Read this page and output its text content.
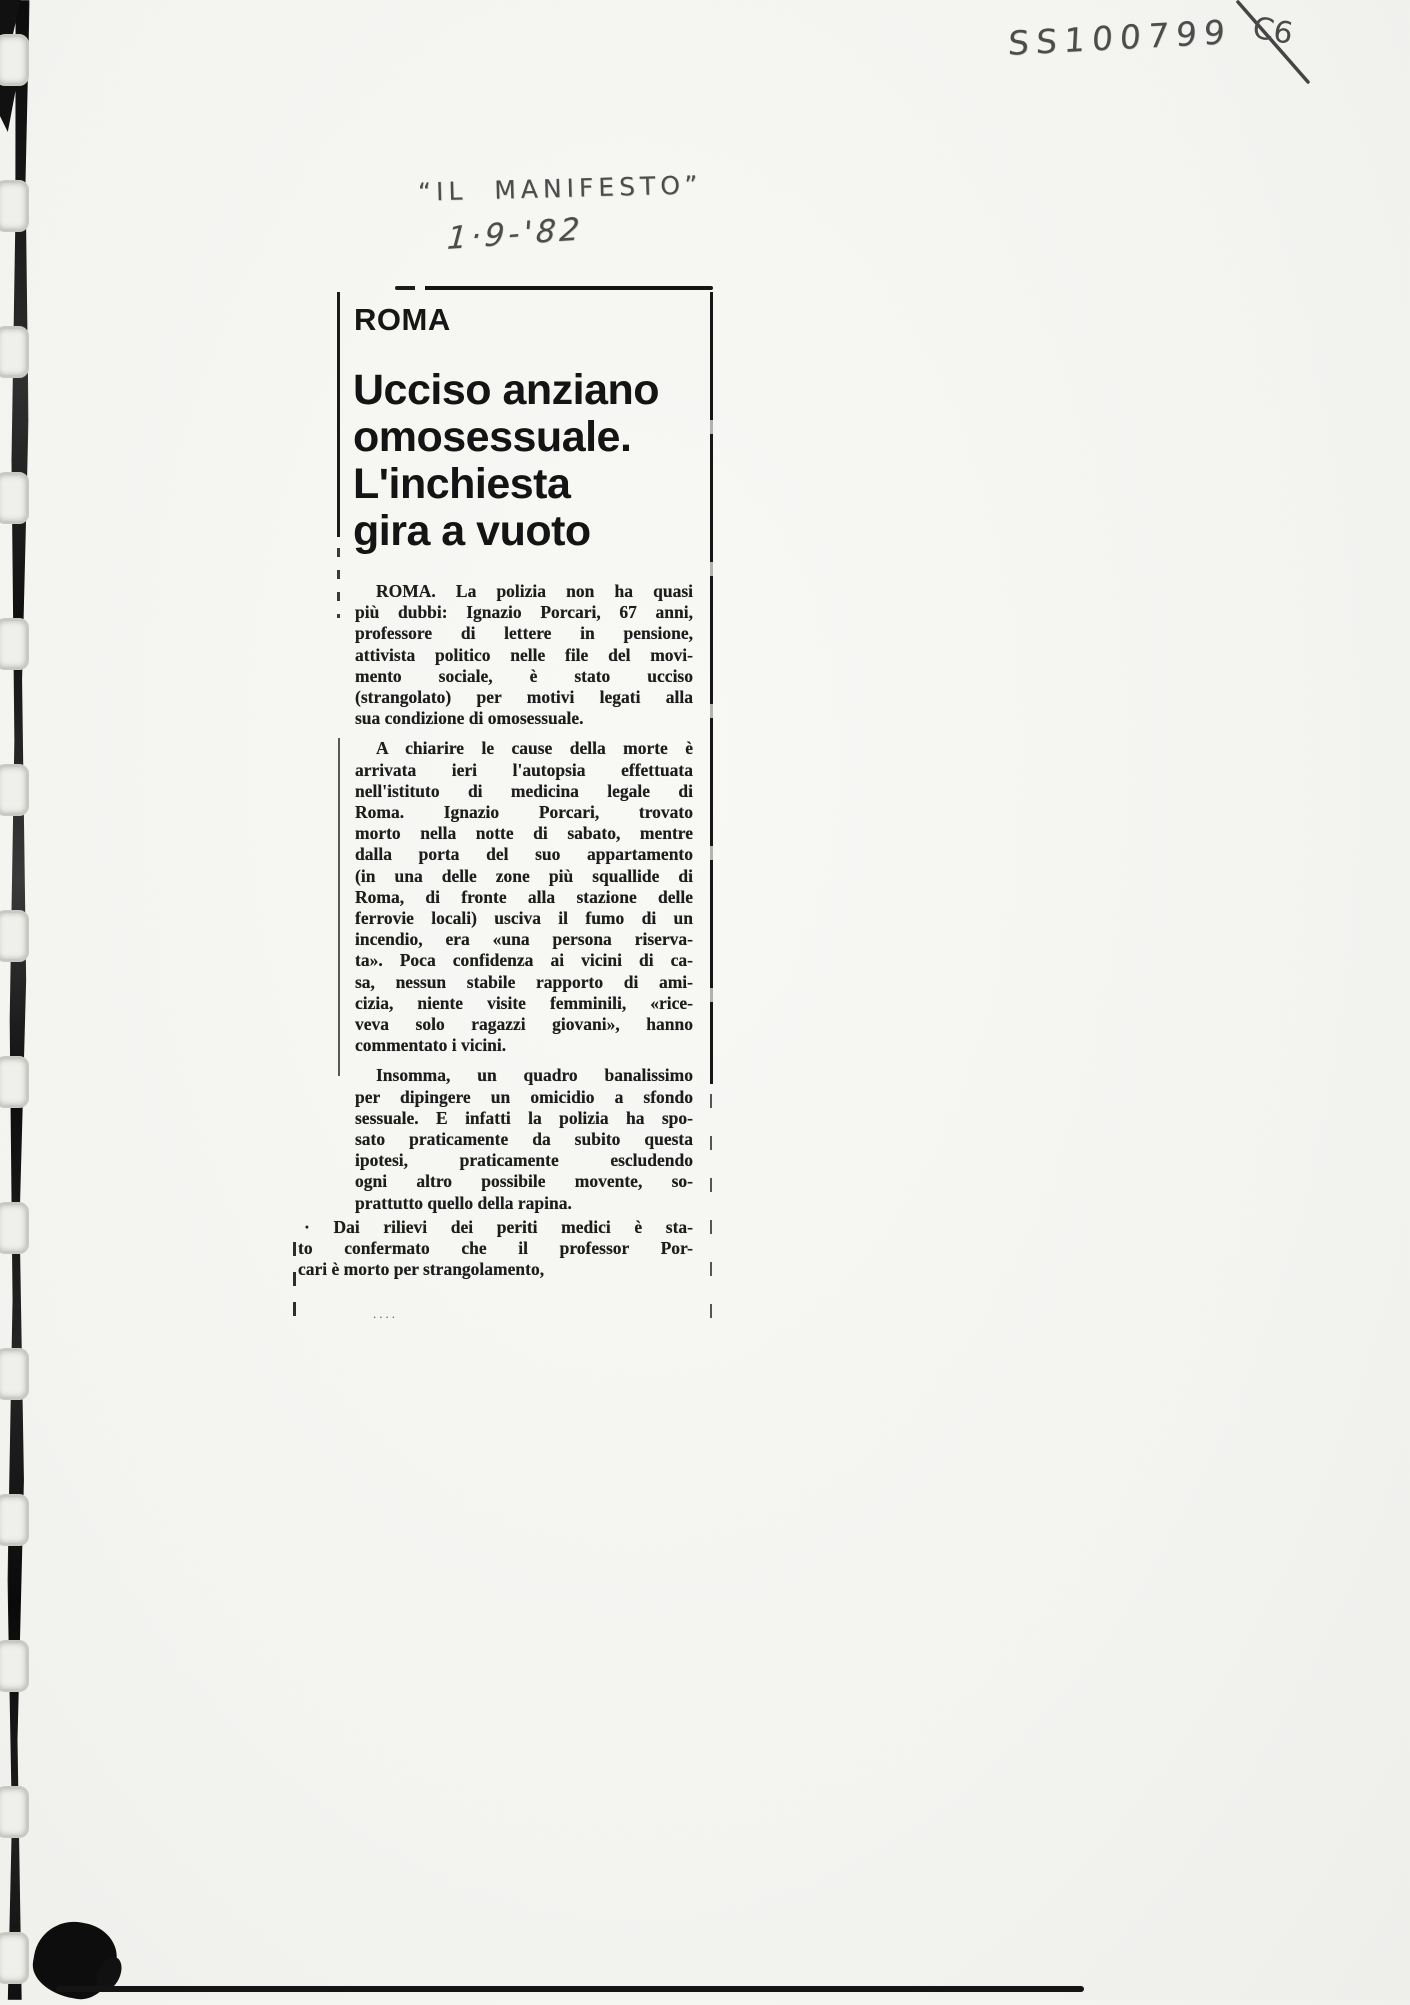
SS100799 C6
“IL MANIFESTO”
1·9-'82
ROMA
Ucciso anziano
omosessuale.
L'inchiesta
gira a vuoto
ROMA. La polizia non ha quasi
più dubbi: Ignazio Porcari, 67 anni,
professore di lettere in pensione,
attivista politico nelle file del movi-
mento sociale, è stato ucciso
(strangolato) per motivi legati alla
sua condizione di omosessuale.
A chiarire le cause della morte è
arrivata ieri l'autopsia effettuata
nell'istituto di medicina legale di
Roma. Ignazio Porcari, trovato
morto nella notte di sabato, mentre
dalla porta del suo appartamento
(in una delle zone più squallide di
Roma, di fronte alla stazione delle
ferrovie locali) usciva il fumo di un
incendio, era «una persona riserva-
ta». Poca confidenza ai vicini di ca-
sa, nessun stabile rapporto di ami-
cizia, niente visite femminili, «rice-
veva solo ragazzi giovani», hanno
commentato i vicini.
Insomma, un quadro banalissimo
per dipingere un omicidio a sfondo
sessuale. E infatti la polizia ha spo-
sato praticamente da subito questa
ipotesi, praticamente escludendo
ogni altro possibile movente, so-
prattutto quello della rapina.
· Dai rilievi dei periti medici è sta-
to confermato che il professor Por-
cari è morto per strangolamento,
....
